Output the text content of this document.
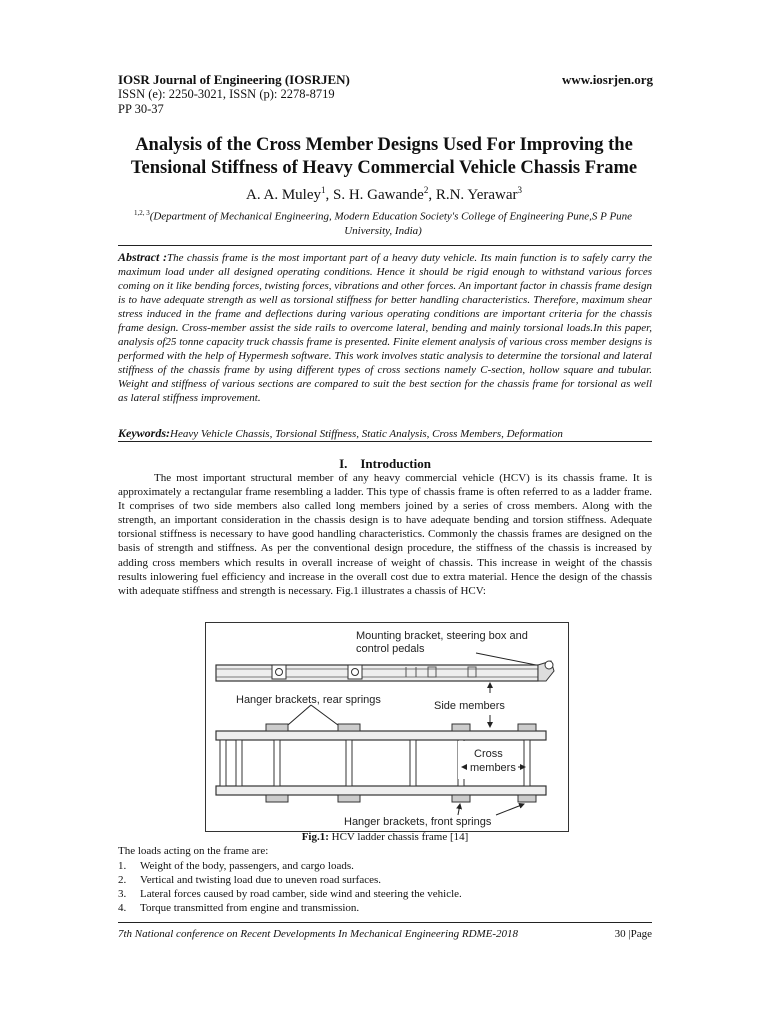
IOSR Journal of Engineering (IOSRJEN)	www.iosrjen.org
ISSN (e): 2250-3021, ISSN (p): 2278-8719
PP 30-37
Analysis of the Cross Member Designs Used For Improving the
Tensional Stiffness of Heavy Commercial Vehicle Chassis Frame
A. A. Muley$^1$, S. H. Gawande$^2$, R.N. Yerawar$^3$
$^{1,2, 3}$(Department of Mechanical Engineering, Modern Education Society's College of Engineering Pune,S P Pune University, India)
Abstract :The chassis frame is the most important part of a heavy duty vehicle. Its main function is to safely carry the maximum load under all designed operating conditions. Hence it should be rigid enough to withstand various forces coming on it like bending forces, twisting forces, vibrations and other forces. An important factor in chassis frame design is to have adequate strength as well as torsional stiffness for better handling characteristics. Therefore, maximum shear stress induced in the frame and deflections during various operating conditions are important criteria for the chassis frame design. Cross-member assist the side rails to overcome lateral, bending and mainly torsional loads.In this paper, analysis of25 tonne capacity truck chassis frame is presented. Finite element analysis of various cross member designs is performed with the help of Hypermesh software. This work involves static analysis to determine the torsional and lateral stiffness of the chassis frame by using different types of cross sections namely C-section, hollow square and tubular. Weight and stiffness of various sections are compared to suit the best section for the chassis frame for torsional as well as lateral stiffness improvement.
Keywords:Heavy Vehicle Chassis, Torsional Stiffness, Static Analysis, Cross Members, Deformation
I.    Introduction
The most important structural member of any heavy commercial vehicle (HCV) is its chassis frame. It is approximately a rectangular frame resembling a ladder. This type of chassis frame is often referred to as a ladder frame. It comprises of two side members also called long members joined by a series of cross members. Along with the strength, an important consideration in the chassis design is to have adequate bending and torsion stiffness. Adequate torsional stiffness is necessary to have good handling characteristics. Commonly the chassis frames are designed on the basis of strength and stiffness. As per the conventional design procedure, the stiffness of the chassis is increased by adding cross members which results in overall increase of weight of chassis. This increase in weight of the chassis results inlowering fuel efficiency and increase in the overall cost due to extra material. Hence the design of the chassis with adequate stiffness and strength is necessary. Fig.1 illustrates a chassis of HCV:
Mounting bracket, steering box and
control pedals
Hanger brackets, rear springs	Side members
Cross
members
Hanger brackets, front springs
Fig.1: HCV ladder chassis frame [14]
The loads acting on the frame are:
1.	Weight of the body, passengers, and cargo loads.
2.	Vertical and twisting load due to uneven road surfaces.
3.	Lateral forces caused by road camber, side wind and steering the vehicle.
4.	Torque transmitted from engine and transmission.
7th National conference on Recent Developments In Mechanical Engineering RDME-2018	30 |Page
